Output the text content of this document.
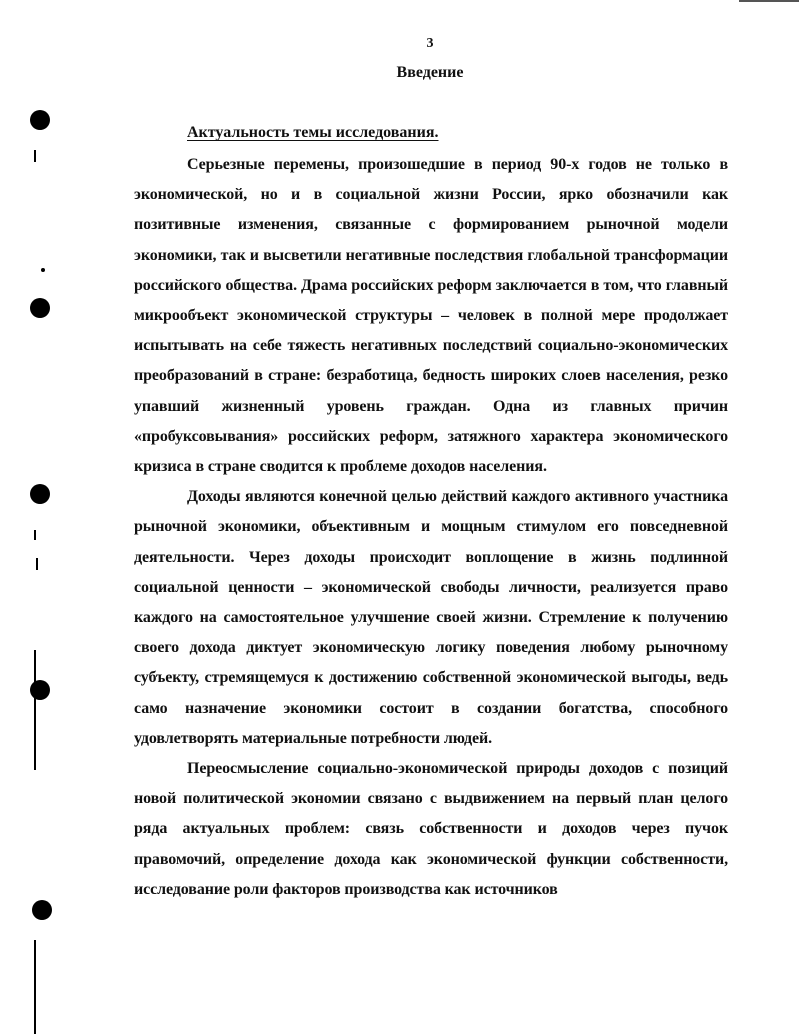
3
Введение
Актуальность темы исследования.

Серьезные перемены, произошедшие в период 90-х годов не только в экономической, но и в социальной жизни России, ярко обозначили как позитивные изменения, связанные с формированием рыночной модели экономики, так и высветили негативные последствия глобальной трансформации российского общества. Драма российских реформ заключается в том, что главный микрообъект экономической структуры – человек в полной мере продолжает испытывать на себе тяжесть негативных последствий социально-экономических преобразований в стране: безработица, бедность широких слоев населения, резко упавший жизненный уровень граждан. Одна из главных причин «пробуксовывания» российских реформ, затяжного характера экономического кризиса в стране сводится к проблеме доходов населения.

Доходы являются конечной целью действий каждого активного участника рыночной экономики, объективным и мощным стимулом его повседневной деятельности. Через доходы происходит воплощение в жизнь подлинной социальной ценности – экономической свободы личности, реализуется право каждого на самостоятельное улучшение своей жизни. Стремление к получению своего дохода диктует экономическую логику поведения любому рыночному субъекту, стремящемуся к достижению собственной экономической выгоды, ведь само назначение экономики состоит в создании богатства, способного удовлетворять материальные потребности людей.

Переосмысление социально-экономической природы доходов с позиций новой политической экономии связано с выдвижением на первый план целого ряда актуальных проблем: связь собственности и доходов через пучок правомочий, определение дохода как экономической функции собственности, исследование роли факторов производства как источников
